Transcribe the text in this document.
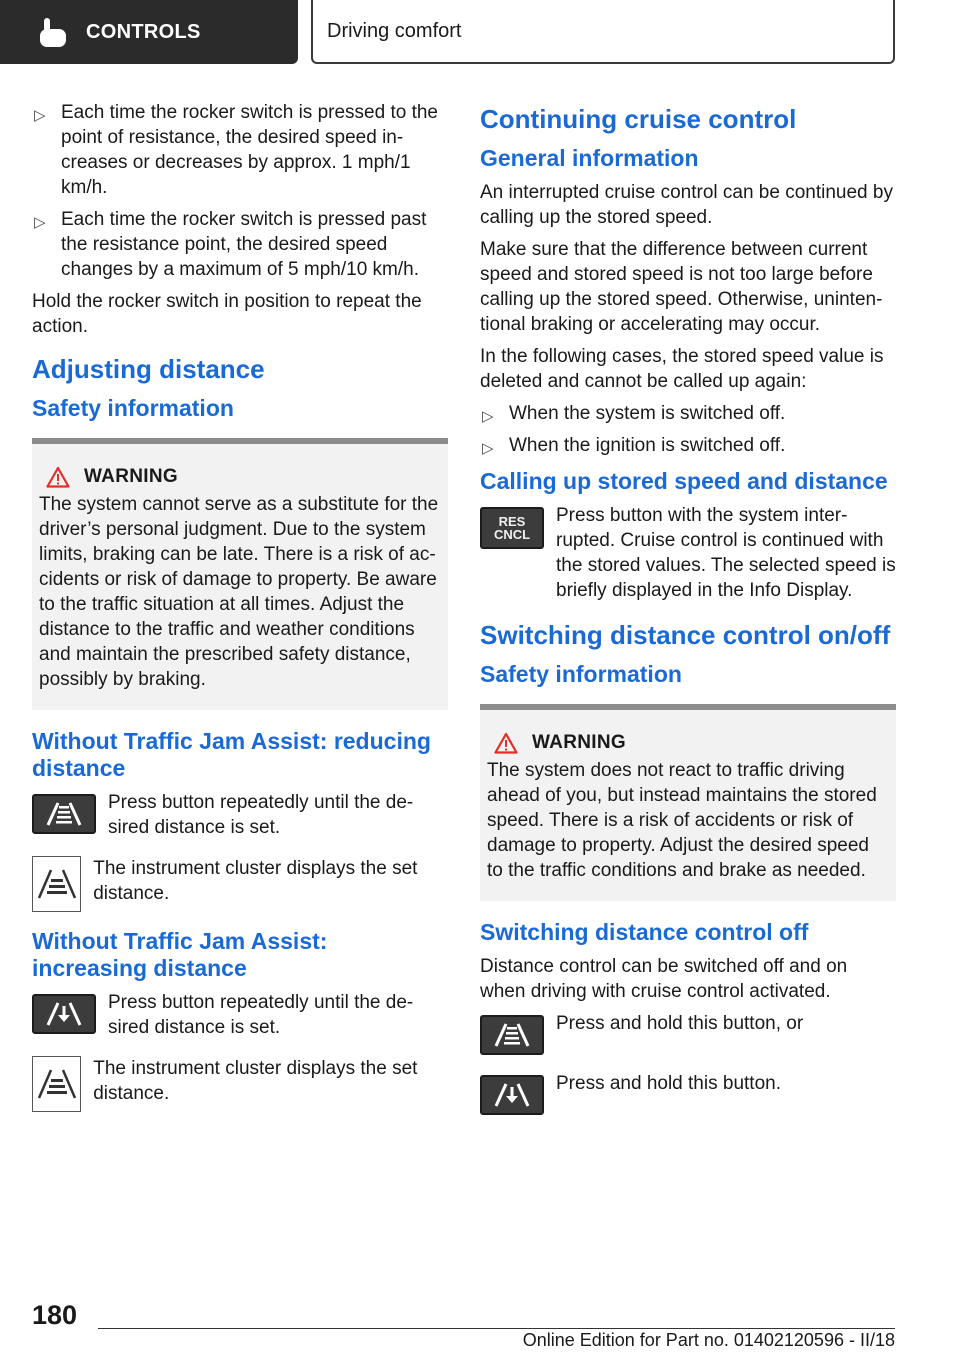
CONTROLS	Driving comfort
▷ Each time the rocker switch is pressed to the point of resistance, the desired speed in-creases or decreases by approx. 1 mph/1 km/h.
▷ Each time the rocker switch is pressed past the resistance point, the desired speed changes by a maximum of 5 mph/10 km/h.

Hold the rocker switch in position to repeat the action.

Adjusting distance
Safety information
WARNING

The system cannot serve as a substitute for the driver’s personal judgment. Due to the system limits, braking can be late. There is a risk of ac-cidents or risk of damage to property. Be aware to the traffic situation at all times. Adjust the distance to the traffic and weather conditions and maintain the prescribed safety distance, possibly by braking.

Without Traffic Jam Assist: reducing distance

Press button repeatedly until the de-sired distance is set.

The instrument cluster displays the set distance.

Without Traffic Jam Assist: increasing distance

Press button repeatedly until the de-sired distance is set.

The instrument cluster displays the set distance.

Continuing cruise control
General information

An interrupted cruise control can be continued by calling up the stored speed.

Make sure that the difference between current speed and stored speed is not too large before calling up the stored speed. Otherwise, uninten-tional braking or accelerating may occur.

In the following cases, the stored speed value is deleted and cannot be called up again:

▷ When the system is switched off.
▷ When the ignition is switched off.
Calling up stored speed and distance
RES
CNCL

Press button with the system inter-rupted. Cruise control is continued with the stored values. The selected speed is briefly displayed in the Info Display.

Switching distance control on/off
Safety information
WARNING

The system does not react to traffic driving ahead of you, but instead maintains the stored speed. There is a risk of accidents or risk of damage to property. Adjust the desired speed to the traffic conditions and brake as needed.

Switching distance control off

Distance control can be switched off and on when driving with cruise control activated.

Press and hold this button, or

Press and hold this button.

180
Online Edition for Part no. 01402120596 - II/18
